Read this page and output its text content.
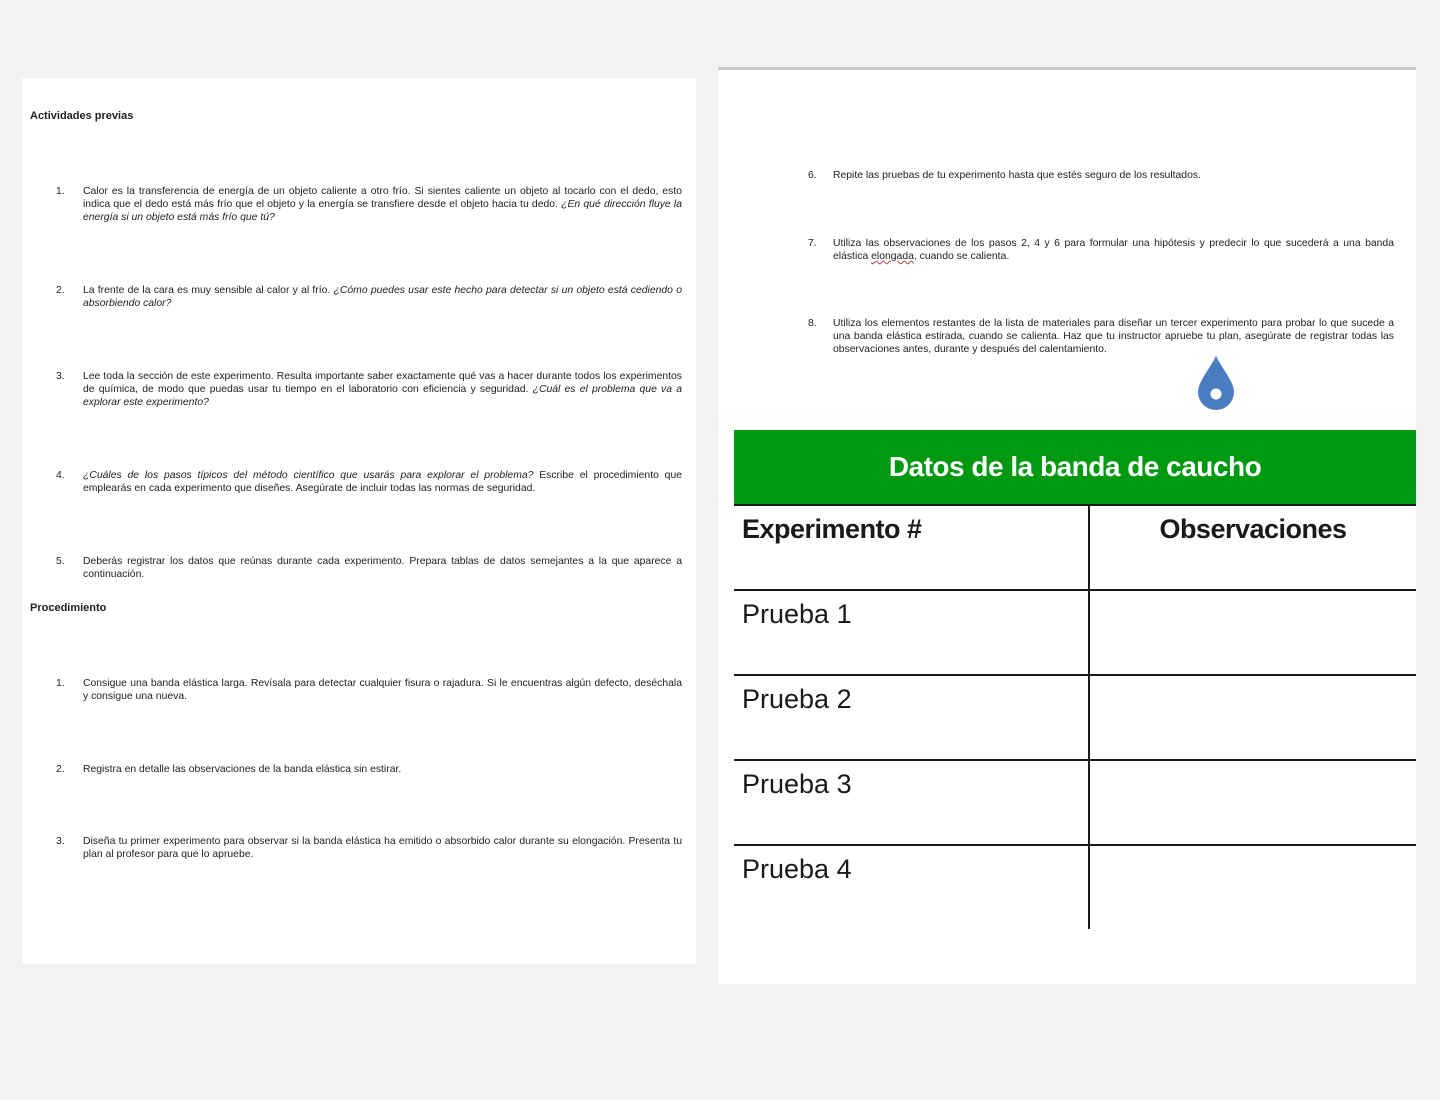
Actividades previas
1. Calor es la transferencia de energía de un objeto caliente a otro frío. Si sientes caliente un objeto al tocarlo con el dedo, esto indica que el dedo está más frío que el objeto y la energía se transfiere desde el objeto hacia tu dedo. ¿En qué dirección fluye la energía si un objeto está más frío que tú?
2. La frente de la cara es muy sensible al calor y al frío. ¿Cómo puedes usar este hecho para detectar si un objeto está cediendo o absorbiendo calor?
3. Lee toda la sección de este experimento. Resulta importante saber exactamente qué vas a hacer durante todos los experimentos de química, de modo que puedas usar tu tiempo en el laboratorio con eficiencia y seguridad. ¿Cuál es el problema que va a explorar este experimento?
4. ¿Cuáles de los pasos típicos del método científico que usarás para explorar el problema? Escribe el procedimiento que emplearás en cada experimento que diseñes. Asegúrate de incluir todas las normas de seguridad.
5. Deberás registrar los datos que reúnas durante cada experimento. Prepara tablas de datos semejantes a la que aparece a continuación.
Procedimiento
1. Consigue una banda elástica larga. Revísala para detectar cualquier fisura o rajadura. Si le encuentras algún defecto, deséchala y consigue una nueva.
2. Registra en detalle las observaciones de la banda elástica sin estirar.
3. Diseña tu primer experimento para observar si la banda elástica ha emitido o absorbido calor durante su elongación. Presenta tu plan al profesor para que lo apruebe.
6. Repite las pruebas de tu experimento hasta que estés seguro de los resultados.
7. Utiliza las observaciones de los pasos 2, 4 y 6 para formular una hipótesis y predecir lo que sucederá a una banda elástica elongada, cuando se calienta.
8. Utiliza los elementos restantes de la lista de materiales para diseñar un tercer experimento para probar lo que sucede a una banda elástica estirada, cuando se calienta. Haz que tu instructor apruebe tu plan, asegúrate de registrar todas las observaciones antes, durante y después del calentamiento.
Datos de la banda de caucho
Experimento #	Observaciones
Prueba 1	
Prueba 2	
Prueba 3	
Prueba 4	
